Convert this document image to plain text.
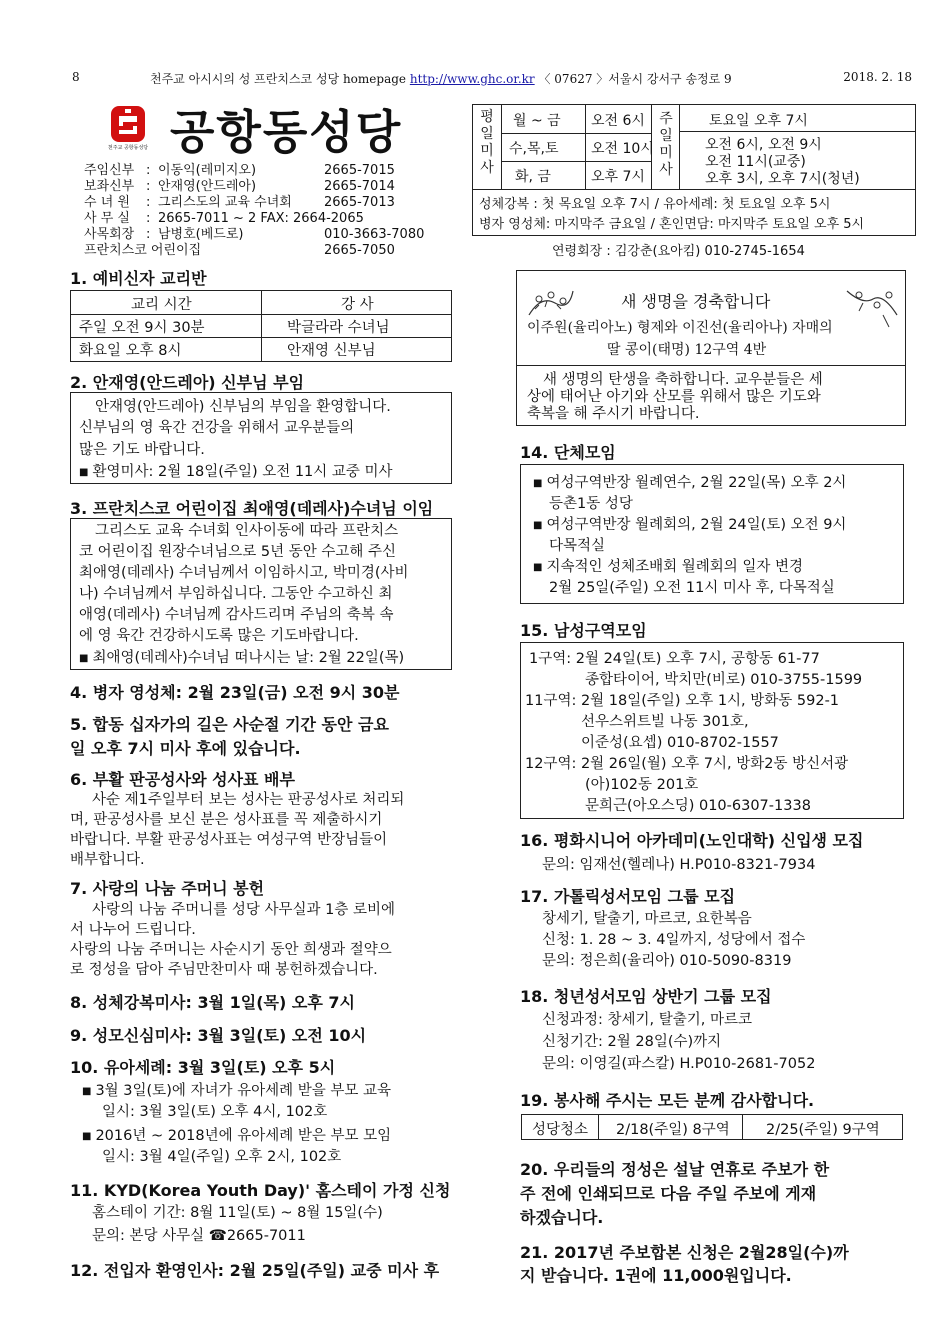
8	천주교 아시시의 성 프란치스코 성당 homepage http://www.ghc.or.kr 〈 07627 〉서울시 강서구 송정로 9	2018. 2. 18
천주교 공항동성당 공항동성당
주임신부 : 이동익(레미지오)	2665-7015
보좌신부 : 안재영(안드레아)	2665-7014
수 녀 원	: 그리스도의 교육 수녀회 2665-7013
사 무 실	: 2665-7011 ~ 2 FAX: 2664-2065
사목회장 : 남병호(베드로)	010-3663-7080
프란치스코 어린이집	2665-7050
평
일
미
사
월 ~ 금 오전 6시
수,목,토 오전 10시
화, 금	오후 7시
주
일
미
사
토요일 오후 7시
오전 6시, 오전 9시
오전 11시(교중)
오후 3시, 오후 7시(청년)
성체강복 : 첫 목요일 오후 7시 / 유아세례: 첫 토요일 오후 5시
병자 영성체: 마지막주 금요일 / 혼인면담: 마지막주 토요일 오후 5시
연령회장 : 김강춘(요아킴) 010-2745-1654
1. 예비신자 교리반
교리 시간	강 사
주일 오전 9시 30분	박글라라 수녀님
화요일 오후 8시	안재영 신부님
2. 안재영(안드레아) 신부님 부임
안재영(안드레아) 신부님의 부임을 환영합니다.
신부님의 영 육간 건강을 위해서 교우분들의
많은 기도 바랍니다.
■ 환영미사: 2월 18일(주일) 오전 11시 교중 미사
3. 프란치스코 어린이집 최애영(데레사)수녀님 이임
그리스도 교육 수녀회 인사이동에 따라 프란치스
코 어린이집 원장수녀님으로 5년 동안 수고해 주신
최애영(데레사) 수녀님께서 이임하시고, 박미경(사비
나) 수녀님께서 부임하십니다. 그동안 수고하신 최
애영(데레사) 수녀님께 감사드리며 주님의 축복 속
에 영 육간 건강하시도록 많은 기도바랍니다.
■ 최애영(데레사)수녀님 떠나시는 날: 2월 22일(목)
4. 병자 영성체: 2월 23일(금) 오전 9시 30분
5. 합동 십자가의 길은 사순절 기간 동안 금요
일 오후 7시 미사 후에 있습니다.
6. 부활 판공성사와 성사표 배부
사순 제1주일부터 보는 성사는 판공성사로 처리되
며, 판공성사를 보신 분은 성사표를 꼭 제출하시기
바랍니다. 부활 판공성사표는 여성구역 반장님들이
배부합니다.
7. 사랑의 나눔 주머니 봉헌
사랑의 나눔 주머니를 성당 사무실과 1층 로비에
서 나누어 드립니다.
사랑의 나눔 주머니는 사순시기 동안 희생과 절약으
로 정성을 담아 주님만찬미사 때 봉헌하겠습니다.
8. 성체강복미사: 3월 1일(목) 오후 7시
9. 성모신심미사: 3월 3일(토) 오전 10시
10. 유아세례: 3월 3일(토) 오후 5시
■ 3월 3일(토)에 자녀가 유아세례 받을 부모 교육
일시: 3월 3일(토) 오후 4시, 102호
■ 2016년 ~ 2018년에 유아세례 받은 부모 모임
일시: 3월 4일(주일) 오후 2시, 102호
11. KYD(Korea Youth Day)' 홈스테이 가정 신청
홈스테이 기간: 8월 11일(토) ~ 8월 15일(수)
문의: 본당 사무실 ☎2665-7011
12. 전입자 환영인사: 2월 25일(주일) 교중 미사 후
새 생명을 경축합니다
이주원(율리아노) 형제와 이진선(율리아나) 자매의
딸 콩이(태명) 12구역 4반
새 생명의 탄생을 축하합니다. 교우분들은 세
상에 태어난 아기와 산모를 위해서 많은 기도와
축복을 해 주시기 바랍니다.
14. 단체모임
■ 여성구역반장 월례연수, 2월 22일(목) 오후 2시
등촌1동 성당
■ 여성구역반장 월례회의, 2월 24일(토) 오전 9시
다목적실
■ 지속적인 성체조배회 월례회의 일자 변경
2월 25일(주일) 오전 11시 미사 후, 다목적실
15. 남성구역모임
1구역: 2월 24일(토) 오후 7시, 공항동 61-77
종합타이어, 박치만(비로) 010-3755-1599
11구역: 2월 18일(주일) 오후 1시, 방화동 592-1
선우스위트빌 나동 301호,
이준성(요셉) 010-8702-1557
12구역: 2월 26일(월) 오후 7시, 방화2동 방신서광
(아)102동 201호
문희근(아오스딩) 010-6307-1338
16. 평화시니어 아카데미(노인대학) 신입생 모집
문의: 임재선(헬레나) H.P010-8321-7934
17. 가톨릭성서모임 그룹 모집
창세기, 탈출기, 마르코, 요한복음
신청: 1. 28 ~ 3. 4일까지, 성당에서 접수
문의: 정은희(율리아) 010-5090-8319
18. 청년성서모임 상반기 그룹 모집
신청과정: 창세기, 탈출기, 마르코
신청기간: 2월 28일(수)까지
문의: 이영길(파스칼) H.P010-2681-7052
19. 봉사해 주시는 모든 분께 감사합니다.
성당청소 2/18(주일) 8구역	2/25(주일) 9구역
20. 우리들의 정성은 설날 연휴로 주보가 한
주 전에 인쇄되므로 다음 주일 주보에 게재
하겠습니다.
21. 2017년 주보합본 신청은 2월28일(수)까
지 받습니다. 1권에 11,000원입니다.
